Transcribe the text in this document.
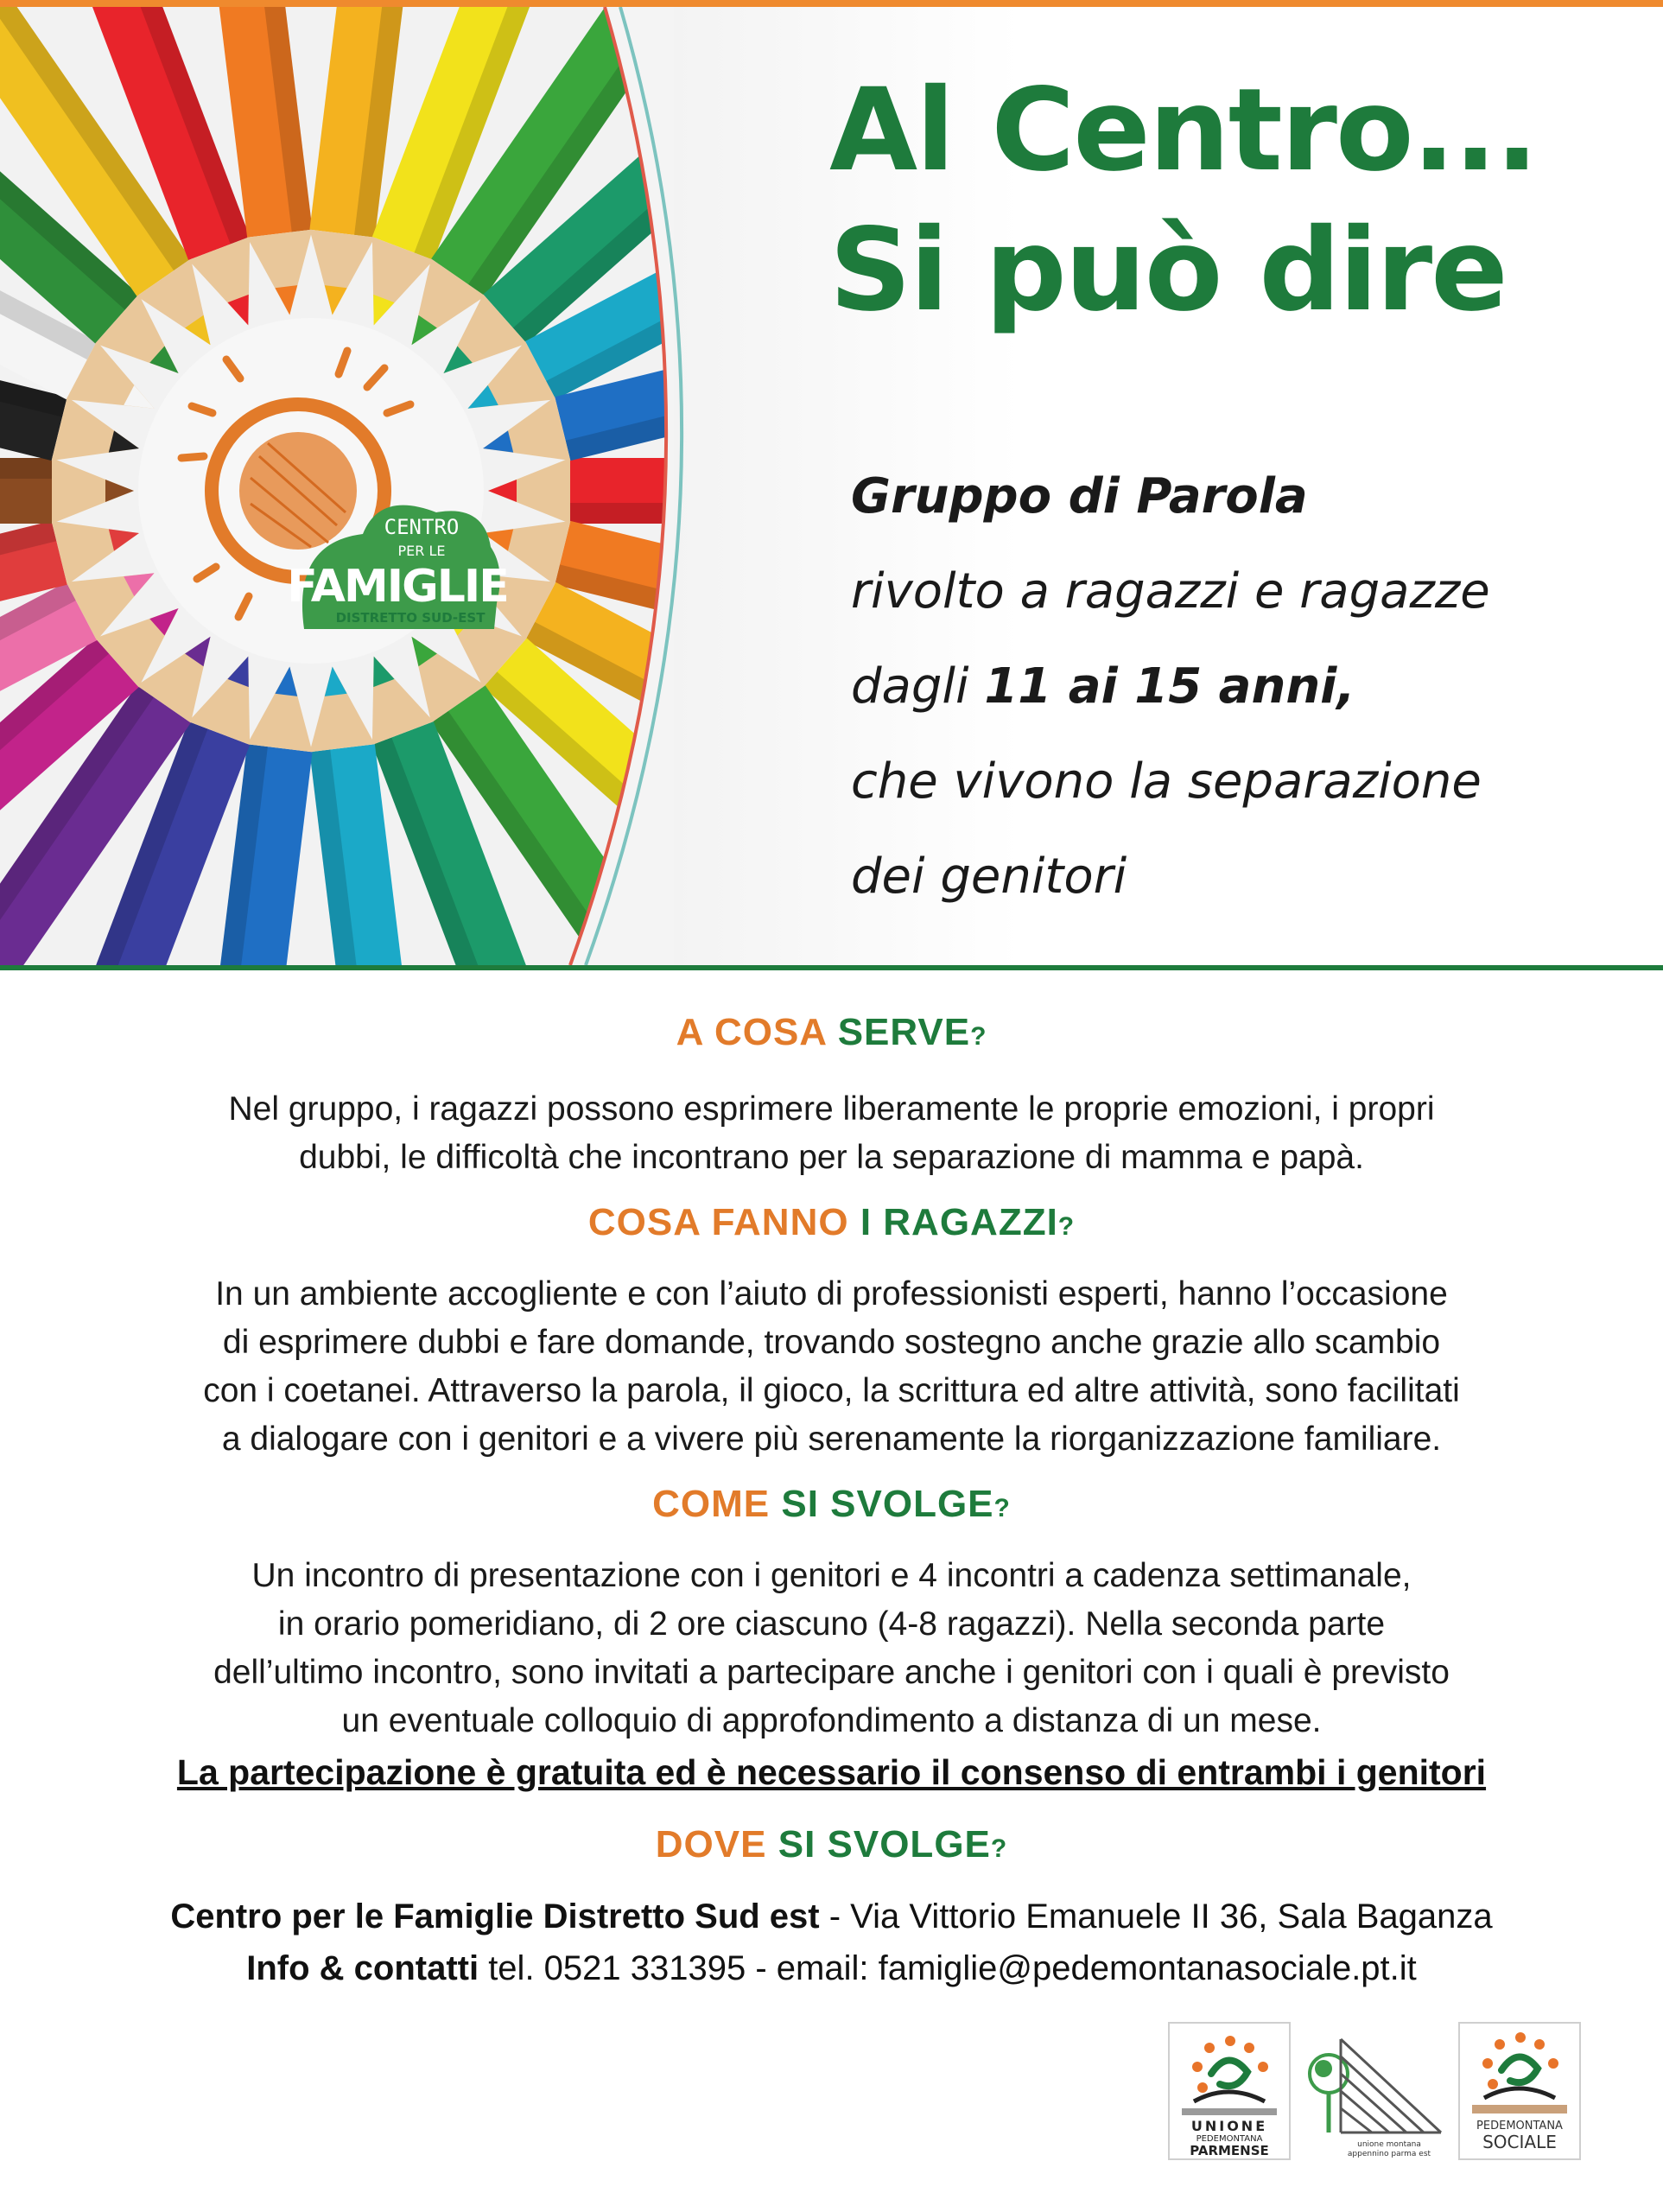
CENTRO
PER LE
FAMIGLIE
DISTRETTO SUD-EST
Al Centro...
Si può dire
Gruppo di Parola
rivolto a ragazzi e ragazze
dagli 11 ai 15 anni,
che vivono la separazione
dei genitori
A COSA SERVE?
Nel gruppo, i ragazzi possono esprimere liberamente le proprie emozioni, i propri
dubbi, le difficoltà che incontrano per la separazione di mamma e papà.
COSA FANNO I RAGAZZI?
In un ambiente accogliente e con l’aiuto di professionisti esperti, hanno l’occasione
di esprimere dubbi e fare domande, trovando sostegno anche grazie allo scambio
con i coetanei. Attraverso la parola, il gioco, la scrittura ed altre attività, sono facilitati
a dialogare con i genitori e a vivere più serenamente la riorganizzazione familiare.
COME SI SVOLGE?
Un incontro di presentazione con i genitori e 4 incontri a cadenza settimanale,
in orario pomeridiano, di 2 ore ciascuno (4-8 ragazzi). Nella seconda parte
dell’ultimo incontro, sono invitati a partecipare anche i genitori con i quali è previsto
un eventuale colloquio di approfondimento a distanza di un mese.
La partecipazione è gratuita ed è necessario il consenso di entrambi i genitori
DOVE SI SVOLGE?
Centro per le Famiglie Distretto Sud est - Via Vittorio Emanuele II 36, Sala Baganza
Info & contatti tel. 0521 331395 - email: famiglie@pedemontanasociale.pt.it
UNIONE
PEDEMONTANA
PARMENSE	unione montana
appennino parma est
PEDEMONTANA
SOCIALE
